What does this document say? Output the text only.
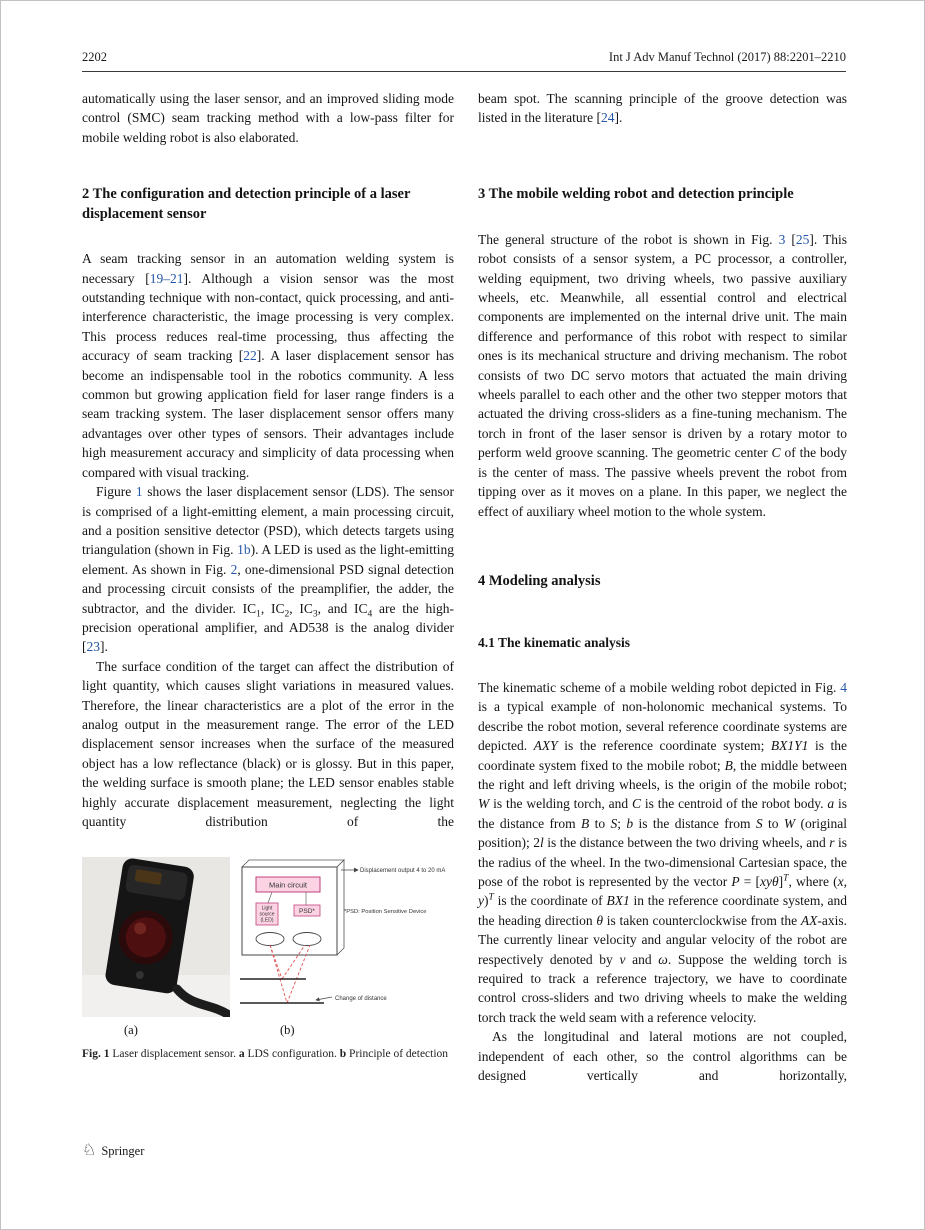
2202	Int J Adv Manuf Technol (2017) 88:2201–2210

automatically using the laser sensor, and an improved sliding mode control (SMC) seam tracking method with a low-pass filter for mobile welding robot is also elaborated.

2 The configuration and detection principle of a laser displacement sensor

A seam tracking sensor in an automation welding system is necessary [19–21]. Although a vision sensor was the most outstanding technique with non-contact, quick processing, and anti-interference characteristic, the image processing is very complex. This process reduces real-time processing, thus affecting the accuracy of seam tracking [22]. A laser displacement sensor has become an indispensable tool in the robotics community. A less common but growing application field for laser range finders is a seam tracking system. The laser displacement sensor offers many advantages over other types of sensors. Their advantages include high measurement accuracy and simplicity of data processing when compared with visual tracking.

Figure 1 shows the laser displacement sensor (LDS). The sensor is comprised of a light-emitting element, a main processing circuit, and a position sensitive detector (PSD), which detects targets using triangulation (shown in Fig. 1b). A LED is used as the light-emitting element. As shown in Fig. 2, one-dimensional PSD signal detection and processing circuit consists of the preamplifier, the adder, the subtractor, and the divider. $IC_1$, $IC_2$, $IC_3$, and $IC_4$ are the high-precision operational amplifier, and AD538 is the analog divider [23].

The surface condition of the target can affect the distribution of light quantity, which causes slight variations in measured values. Therefore, the linear characteristics are a plot of the error in the analog output in the measurement range. The error of the LED displacement sensor increases when the surface of the measured object has a low reflectance (black) or is glossy. But in this paper, the welding surface is smooth plane; the LED sensor enables stable highly accurate displacement measurement, neglecting the light quantity distribution of the

Displacement output 4 to 20 mA
Main circuit
Light
source
(LED)
PSD*	*PSD: Position Sensitive Device
Change of distance
(a)	(b)

Fig. 1 Laser displacement sensor. a LDS configuration. b Principle of detection

beam spot. The scanning principle of the groove detection was listed in the literature [24].

3 The mobile welding robot and detection principle

The general structure of the robot is shown in Fig. 3 [25]. This robot consists of a sensor system, a PC processor, a controller, welding equipment, two driving wheels, two passive auxiliary wheels, etc. Meanwhile, all essential control and electrical components are implemented on the internal drive unit. The main difference and performance of this robot with respect to similar ones is its mechanical structure and driving mechanism. The robot consists of two DC servo motors that actuated the main driving wheels parallel to each other and the other two stepper motors that actuated the driving cross-sliders as a fine-tuning mechanism. The torch in front of the laser sensor is driven by a rotary motor to perform weld groove scanning. The geometric center C of the body is the center of mass. The passive wheels prevent the robot from tipping over as it moves on a plane. In this paper, we neglect the effect of auxiliary wheel motion to the whole system.

4 Modeling analysis
4.1 The kinematic analysis

The kinematic scheme of a mobile welding robot depicted in Fig. 4 is a typical example of non-holonomic mechanical systems. To describe the robot motion, several reference coordinate systems are depicted. AXY is the reference coordinate system; BX1Y1 is the coordinate system fixed to the mobile robot; B, the middle between the right and left driving wheels, is the origin of the mobile robot; W is the welding torch, and C is the centroid of the robot body. a is the distance from B to S; b is the distance from S to W (original position); 2l is the distance between the two driving wheels, and r is the radius of the wheel. In the two-dimensional Cartesian space, the pose of the robot is represented by the vector $P = [xy\theta]^T$, where (x, y)$^T$ is the coordinate of BX1 in the reference coordinate system, and the heading direction θ is taken counterclockwise from the AX-axis. The currently linear velocity and angular velocity of the robot are respectively denoted by v and ω. Suppose the welding torch is required to track a reference trajectory, we have to coordinate control cross-sliders and two driving wheels to make the welding torch track the weld seam with a reference velocity.

As the longitudinal and lateral motions are not coupled, independent of each other, so the control algorithms can be designed vertically and horizontally,

♘ Springer
